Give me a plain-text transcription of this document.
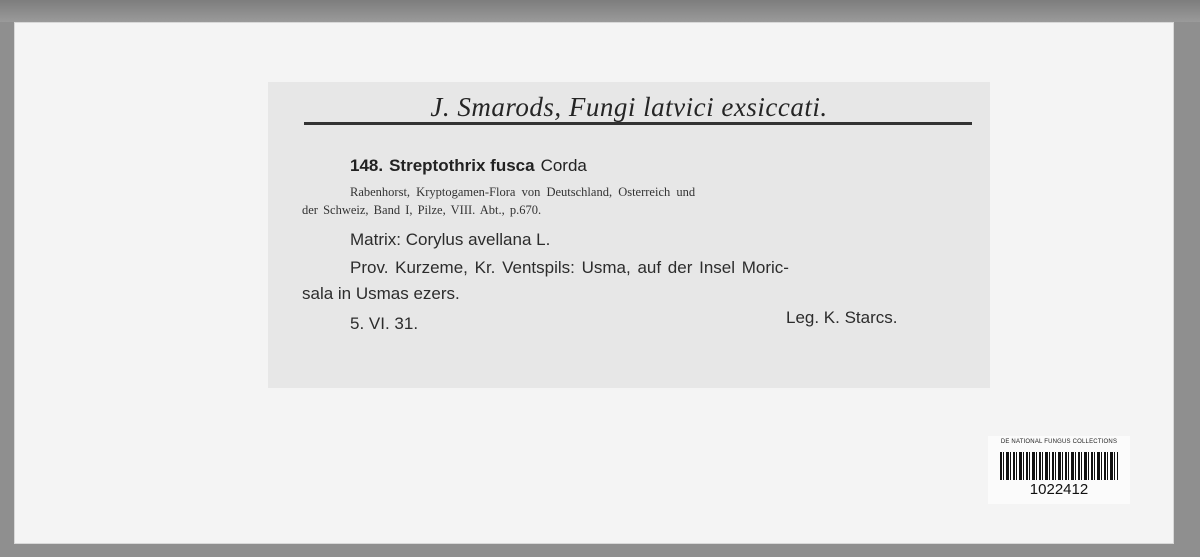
J. Smarods, Fungi latvici exsiccati.
148. Streptothrix fusca Corda
Rabenhorst, Kryptogamen-Flora von Deutschland, Osterreich und
der Schweiz, Band I, Pilze, VIII. Abt., p.670.
Matrix: Corylus avellana L.
Prov. Kurzeme, Kr. Ventspils: Usma, auf der Insel Moric-
sala in Usmas ezers.
5. VI. 31.	Leg. K. Starcs.
DE NATIONAL FUNGUS COLLECTIONS
1022412
